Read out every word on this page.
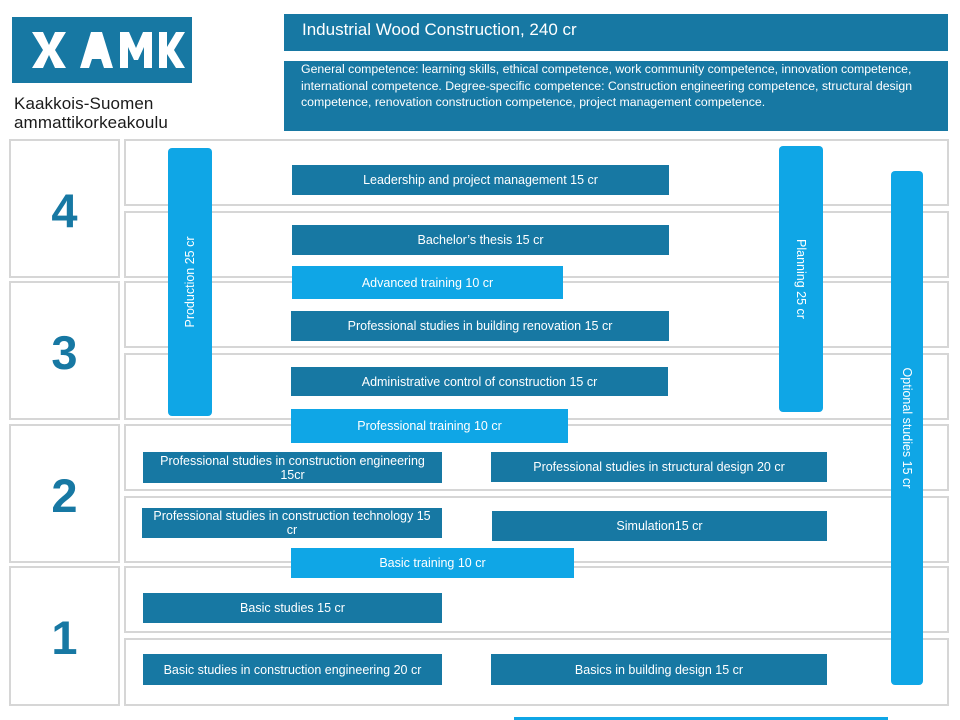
Kaakkois-Suomen
ammattikorkeakoulu
Industrial Wood Construction, 240 cr
General competence: learning skills, ethical competence, work community competence, innovation competence, international competence. Degree-specific competence: Construction engineering competence, structural design competence, renovation construction competence, project management competence.
4
3
2
1
Production 25 cr	Planning 25 cr
Optional studies 15 cr
Leadership and project management 15 cr
Bachelor’s thesis 15 cr
Advanced training 10 cr
Professional studies in building renovation 15 cr
Administrative control of construction 15 cr
Professional training 10 cr
Professional studies in construction engineering 15cr
Professional studies in structural design 20 cr
Professional studies in construction technology 15 cr	Simulation15 cr
Basic training 10 cr
Basic studies 15 cr
Basic studies in construction engineering 20 cr	Basics in building design 15 cr
